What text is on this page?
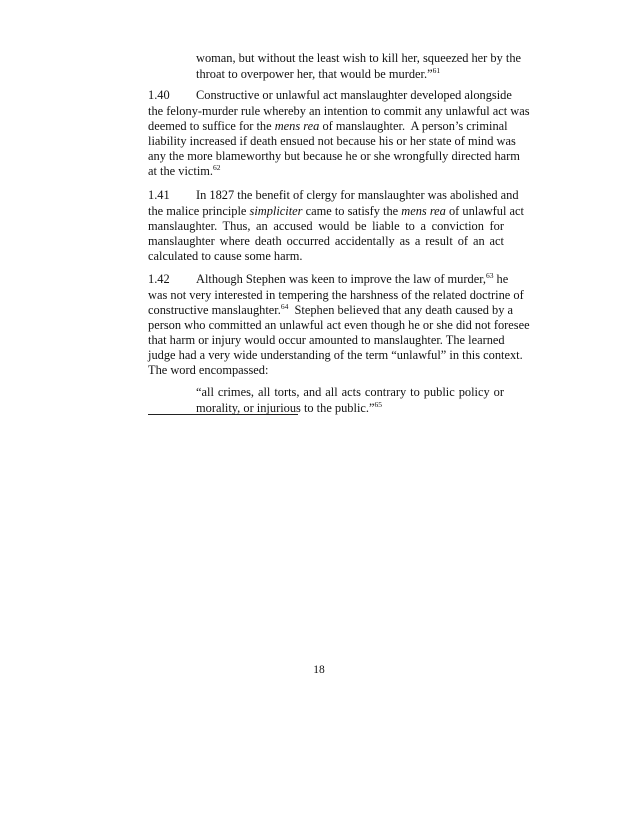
woman, but without the least wish to kill her, squeezed her by the
throat to overpower her, that would be murder.”$^{61}$
1.40 Constructive or unlawful act manslaughter developed alongside
the felony-murder rule whereby an intention to commit any unlawful act was
deemed to suffice for the mens rea of manslaughter.  A person’s criminal
liability increased if death ensued not because his or her state of mind was
any the more blameworthy but because he or she wrongfully directed harm
at the victim.$^{62}$
1.41 In 1827 the benefit of clergy for manslaughter was abolished and
the malice principle simpliciter came to satisfy the mens rea of unlawful act
manslaughter. Thus, an accused would be liable to a conviction for
manslaughter where death occurred accidentally as a result of an act
calculated to cause some harm.
1.42 Although Stephen was keen to improve the law of murder,$^{63}$ he
was not very interested in tempering the harshness of the related doctrine of
constructive manslaughter.$^{64}$  Stephen believed that any death caused by a
person who committed an unlawful act even though he or she did not foresee
that harm or injury would occur amounted to manslaughter. The learned
judge had a very wide understanding of the term “unlawful” in this context.
The word encompassed:
“all crimes, all torts, and all acts contrary to public policy or
morality, or injurious to the public.”$^{65}$
18
